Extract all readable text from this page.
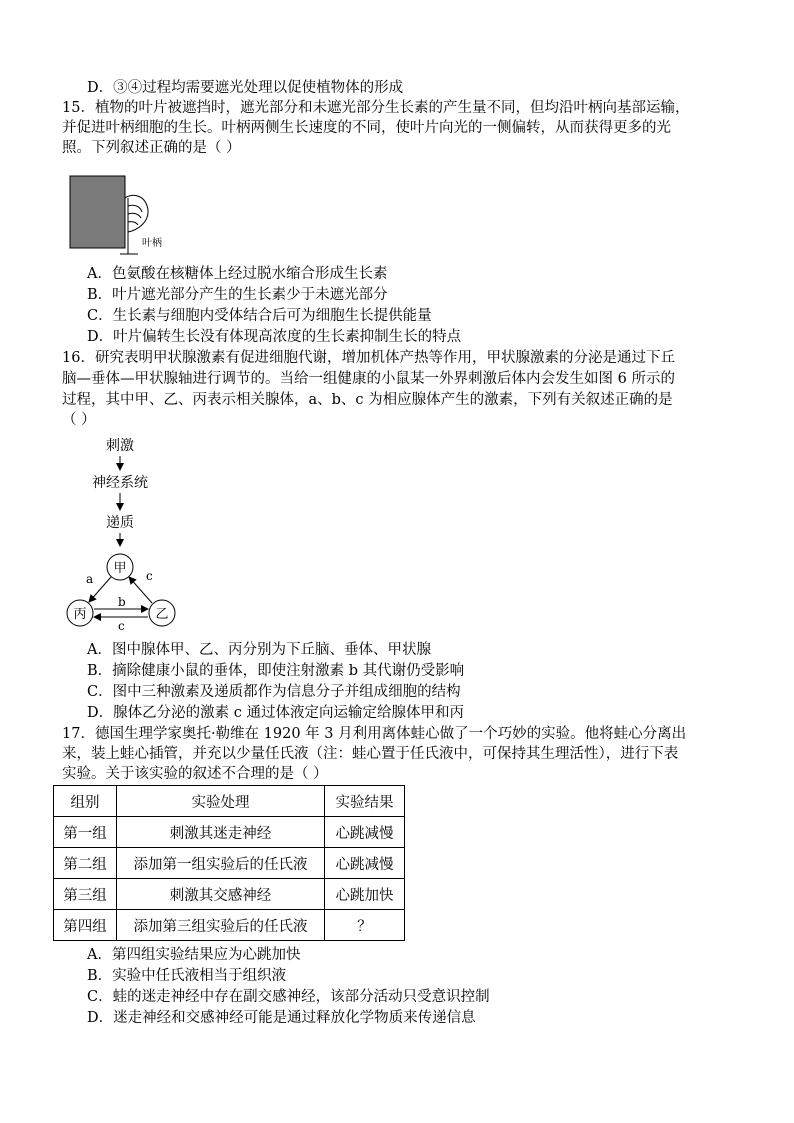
D．③④过程均需要遮光处理以促使植物体的形成
15．植物的叶片被遮挡时，遮光部分和未遮光部分生长素的产生量不同，但均沿叶柄向基部运输，
并促进叶柄细胞的生长。叶柄两侧生长速度的不同，使叶片向光的一侧偏转，从而获得更多的光
照。下列叙述正确的是（ ）
叶柄
A．色氨酸在核糖体上经过脱水缩合形成生长素
B．叶片遮光部分产生的生长素少于未遮光部分
C．生长素与细胞内受体结合后可为细胞生长提供能量
D．叶片偏转生长没有体现高浓度的生长素抑制生长的特点
16．研究表明甲状腺激素有促进细胞代谢，增加机体产热等作用，甲状腺激素的分泌是通过下丘
脑—垂体—甲状腺轴进行调节的。当给一组健康的小鼠某一外界刺激后体内会发生如图 6 所示的
过程，其中甲、乙、丙表示相关腺体，a、b、c 为相应腺体产生的激素，下列有关叙述正确的是
（ ）
刺激
神经系统
递质
甲
丙	乙
a	c
b
c
A．图中腺体甲、乙、丙分别为下丘脑、垂体、甲状腺
B．摘除健康小鼠的垂体，即使注射激素 b 其代谢仍受影响
C．图中三种激素及递质都作为信息分子并组成细胞的结构
D．腺体乙分泌的激素 c 通过体液定向运输定给腺体甲和丙
17．德国生理学家奥托·勒维在 1920 年 3 月利用离体蛙心做了一个巧妙的实验。他将蛙心分离出
来，装上蛙心插管，并充以少量任氏液（注：蛙心置于任氏液中，可保持其生理活性），进行下表
实验。关于该实验的叙述不合理的是（ ）
组别	实验处理	实验结果
第一组	刺激其迷走神经	心跳减慢
第二组	添加第一组实验后的任氏液	心跳减慢
第三组	刺激其交感神经	心跳加快
第四组	添加第三组实验后的任氏液	？
A．第四组实验结果应为心跳加快
B．实验中任氏液相当于组织液
C．蛙的迷走神经中存在副交感神经，该部分活动只受意识控制
D．迷走神经和交感神经可能是通过释放化学物质来传递信息
